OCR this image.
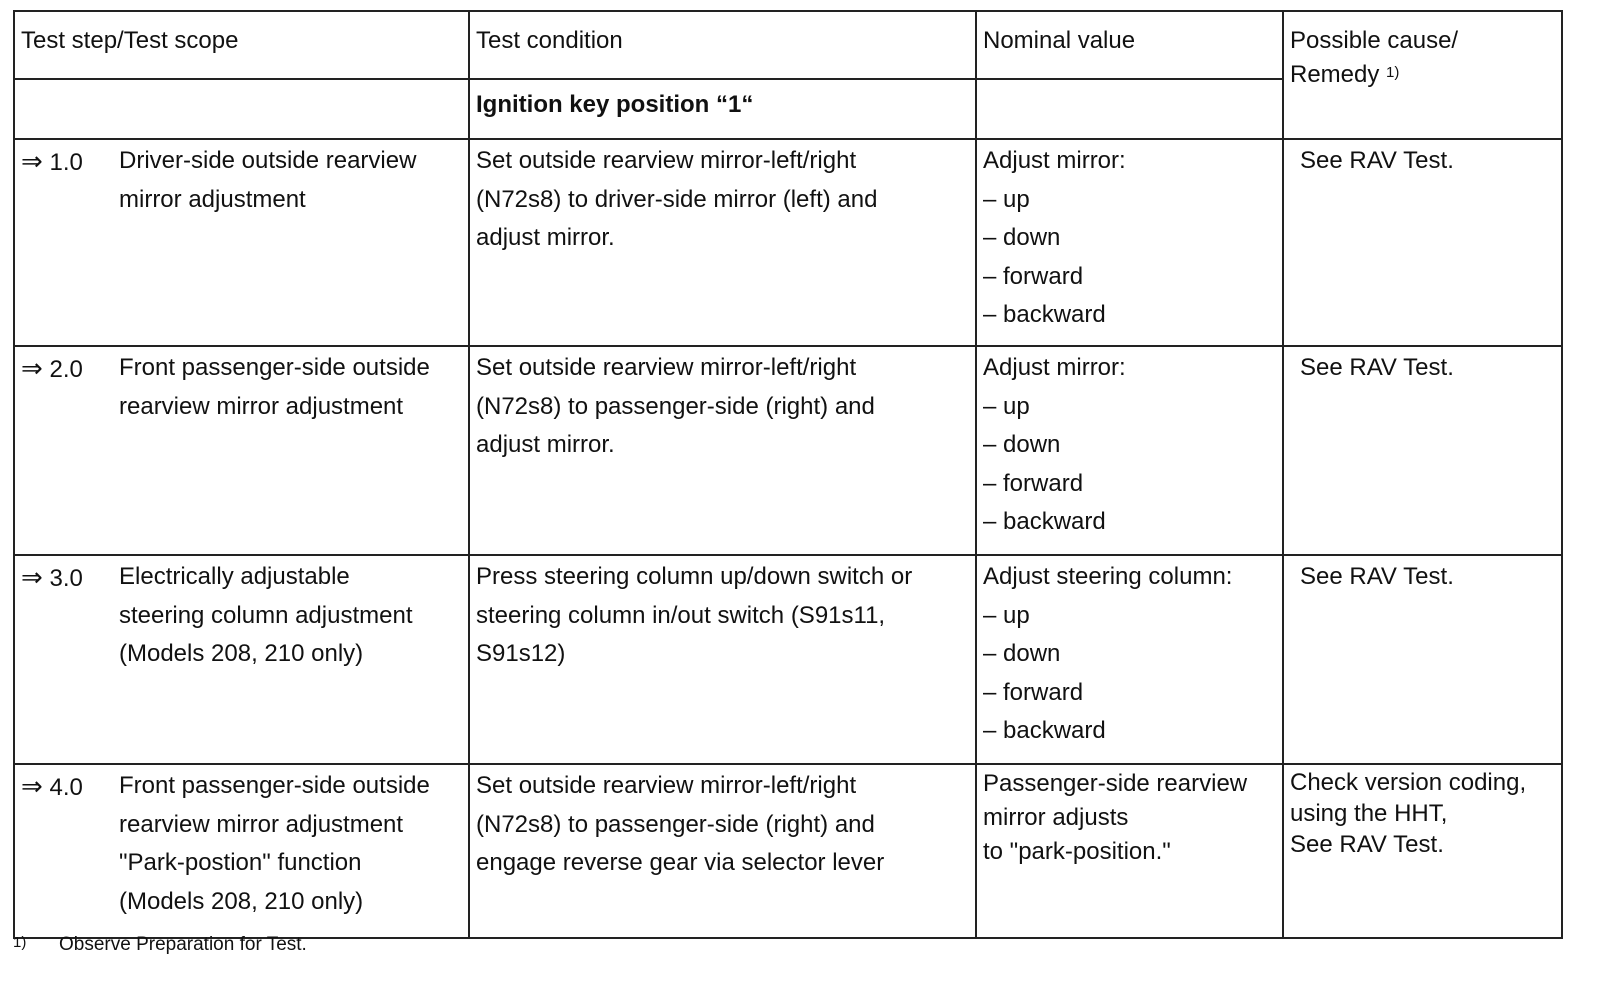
Test step/Test scope	Test condition	Nominal value	Possible cause/
Remedy $^{1)}$
	Ignition key position “1“		

⇒ 1.0 Driver-side outside rearview
mirror adjustment	Set outside rearview mirror-left/right
(N72s8) to driver-side mirror (left) and
adjust mirror.	Adjust mirror:
– up
– down
– forward
– backward	See RAV Test.

⇒ 2.0 Front passenger-side outside
rearview mirror adjustment	Set outside rearview mirror-left/right
(N72s8) to passenger-side (right) and
adjust mirror.	Adjust mirror:
– up
– down
– forward
– backward	See RAV Test.

⇒ 3.0 Electrically adjustable
steering column adjustment
(Models 208, 210 only)	Press steering column up/down switch or
steering column in/out switch (S91s11,
S91s12)	Adjust steering column:
– up
– down
– forward
– backward	See RAV Test.

⇒ 4.0 Front passenger-side outside
rearview mirror adjustment
"Park-postion" function
(Models 208, 210 only)	Set outside rearview mirror-left/right
(N72s8) to passenger-side (right) and
engage reverse gear via selector lever	Passenger-side rearview
mirror adjusts
to "park-position."	Check version coding,
using the HHT,
See RAV Test.
1) Observe Preparation for Test.
